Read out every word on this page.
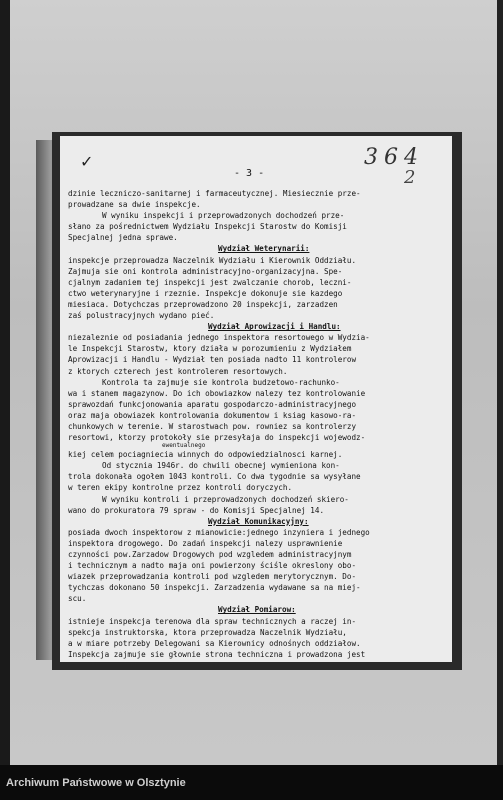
✓
- 3 -
364
2
dzinie leczniczo-sanitarnej i farmaceutycznej. Miesiecznie prze-
prowadzane sa dwie inspekcje.
W wyniku inspekcji i przeprowadzonych dochodzeń prze-
słano za pośrednictwem Wydziału Inspekcji Starostw do Komisji
Specjalnej jedna sprawe.
Wydział Weterynarii:
inspekcje przeprowadza Naczelnik Wydziału i Kierownik Oddziału.
Zajmuja sie oni kontrola administracyjno-organizacyjna. Spe-
cjalnym zadaniem tej inspekcji jest zwalczanie chorob, leczni-
ctwo weterynaryjne i rzeznie. Inspekcje dokonuje sie kazdego
miesiaca. Dotychczas przeprowadzono 20 inspekcji, zarzadzen
zaś polustracyjnych wydano pieć.
Wydział Aprowizacji i Handlu:
niezaleznie od posiadania jednego inspektora resortowego w Wydzia-
le Inspekcji Starostw, ktory działa w porozumieniu z Wydziałem
Aprowizacji i Handlu - Wydział ten posiada nadto 11 kontrolerow
z ktorych czterech jest kontrolerem resortowych.
Kontrola ta zajmuje sie kontrola budzetowo-rachunko-
wa i stanem magazynow. Do ich obowiazkow nalezy tez kontrolowanie
sprawozdań funkcjonowania aparatu gospodarczo-administracyjnego
oraz maja obowiazek kontrolowania dokumentow i ksiag kasowo-ra-
chunkowych w terenie. W starostwach pow. rowniez sa kontrolerzy
resortowi, ktorzy protokoły sie przesyłaja do inspekcji wojewodz-
ewentualnego
kiej celem pociagniecia winnych do odpowiedzialnosci karnej.
Od stycznia 1946r. do chwili obecnej wymieniona kon-
trola dokonała ogołem 1043 kontroli. Co dwa tygodnie sa wysyłane
w teren ekipy kontrolne przez kontroli doryczych.
W wyniku kontroli i przeprowadzonych dochodzeń skiero-
wano do prokuratora 79 spraw - do Komisji Specjalnej 14.
Wydział Komunikacyjny:
posiada dwoch inspektorow z mianowicie:jednego inzyniera i jednego
inspektora drogowego. Do zadań inspekcji nalezy usprawnienie
czynności pow.Zarzadow Drogowych pod wzgledem administracyjnym
i technicznym a nadto maja oni powierzony ściśle okreslony obo-
wiazek przeprowadzania kontroli pod wzgledem merytorycznym. Do-
tychczas dokonano 50 inspekcji. Zarzadzenia wydawane sa na miej-
scu.
Wydział Pomiarow:
istnieje inspekcja terenowa dla spraw technicznych a raczej in-
spekcja instruktorska, ktora przeprowadza Naczelnik Wydziału,
a w miare potrzeby Delegowani sa Kierownicy odnośnych oddziałow.
Inspekcja zajmuje sie głownie strona techniczna i prowadzona jest
Archiwum Państwowe w Olsztynie
